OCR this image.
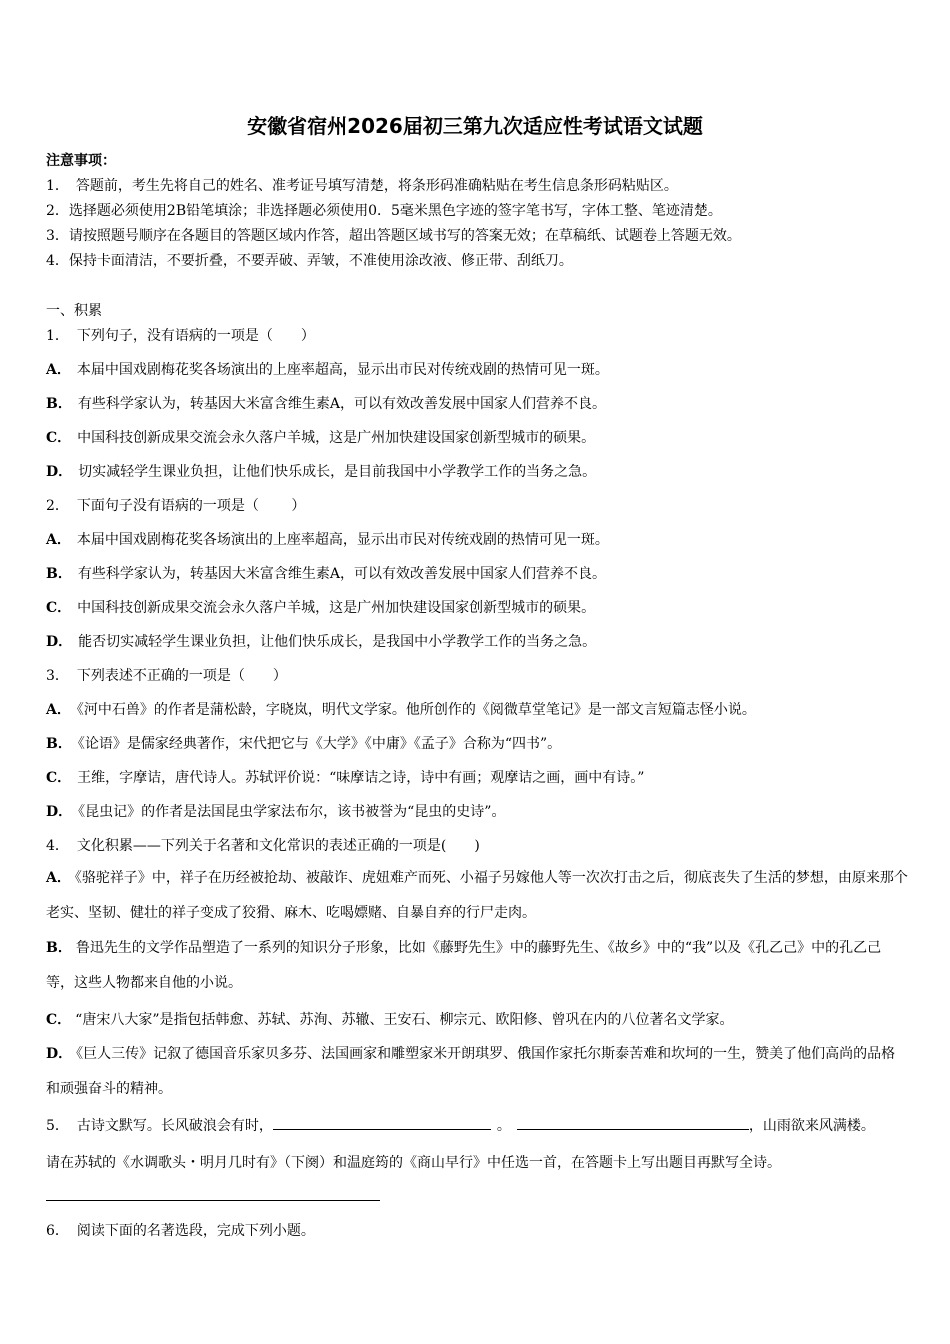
安徽省宿州2026届初三第九次适应性考试语文试题
注意事项：
1．　答题前，考生先将自己的姓名、准考证号填写清楚，将条形码准确粘贴在考生信息条形码粘贴区。
2．选择题必须使用2B铅笔填涂；非选择题必须使用0．5毫米黑色字迹的签字笔书写，字体工整、笔迹清楚。
3．请按照题号顺序在各题目的答题区域内作答，超出答题区域书写的答案无效；在草稿纸、试题卷上答题无效。
4．保持卡面清洁，不要折叠，不要弄破、弄皱，不准使用涂改液、修正带、刮纸刀。
一、积累
1． 下列句子，没有语病的一项是（　　）
A． 本届中国戏剧梅花奖各场演出的上座率超高，显示出市民对传统戏剧的热情可见一斑。
B． 有些科学家认为，转基因大米富含维生素A，可以有效改善发展中国家人们营养不良。
C． 中国科技创新成果交流会永久落户羊城，这是广州加快建设国家创新型城市的硕果。
D． 切实减轻学生课业负担，让他们快乐成长，是目前我国中小学教学工作的当务之急。
2． 下面句子没有语病的一项是（　　 ）
A． 本届中国戏剧梅花奖各场演出的上座率超高，显示出市民对传统戏剧的热情可见一斑。
B． 有些科学家认为，转基因大米富含维生素A，可以有效改善发展中国家人们营养不良。
C． 中国科技创新成果交流会永久落户羊城，这是广州加快建设国家创新型城市的硕果。
D． 能否切实减轻学生课业负担，让他们快乐成长，是我国中小学教学工作的当务之急。
3． 下列表述不正确的一项是（　　）
A． 《河中石兽》的作者是蒲松龄，字晓岚，明代文学家。他所创作的《阅微草堂笔记》是一部文言短篇志怪小说。
B． 《论语》是儒家经典著作，宋代把它与《大学》《中庸》《孟子》合称为“四书”。
C． 王维，字摩诘，唐代诗人。苏轼评价说：“味摩诘之诗，诗中有画；观摩诘之画，画中有诗。”
D． 《昆虫记》的作者是法国昆虫学家法布尔，该书被誉为“昆虫的史诗”。
4． 文化积累——下列关于名著和文化常识的表述正确的一项是(　　)
A． 《骆驼祥子》中，祥子在历经被抢劫、被敲诈、虎妞难产而死、小福子另嫁他人等一次次打击之后，彻底丧失了生活的梦想，由原来那个老实、坚韧、健壮的祥子变成了狡猾、麻木、吃喝嫖赌、自暴自弃的行尸走肉。
B． 鲁迅先生的文学作品塑造了一系列的知识分子形象，比如《藤野先生》中的藤野先生、《故乡》中的“我”以及《孔乙己》中的孔乙己等，这些人物都来自他的小说。
C． “唐宋八大家”是指包括韩愈、苏轼、苏洵、苏辙、王安石、柳宗元、欧阳修、曾巩在内的八位著名文学家。
D． 《巨人三传》记叙了德国音乐家贝多芬、法国画家和雕塑家米开朗琪罗、俄国作家托尔斯泰苦难和坎坷的一生，赞美了他们高尚的品格和顽强奋斗的精神。
5． 古诗文默写。长风破浪会有时，	。	，山雨欲来风满楼。
请在苏轼的《水调歌头・明月几时有》（下阕）和温庭筠的《商山早行》中任选一首，在答题卡上写出题目再默写全诗。
6． 阅读下面的名著选段，完成下列小题。
